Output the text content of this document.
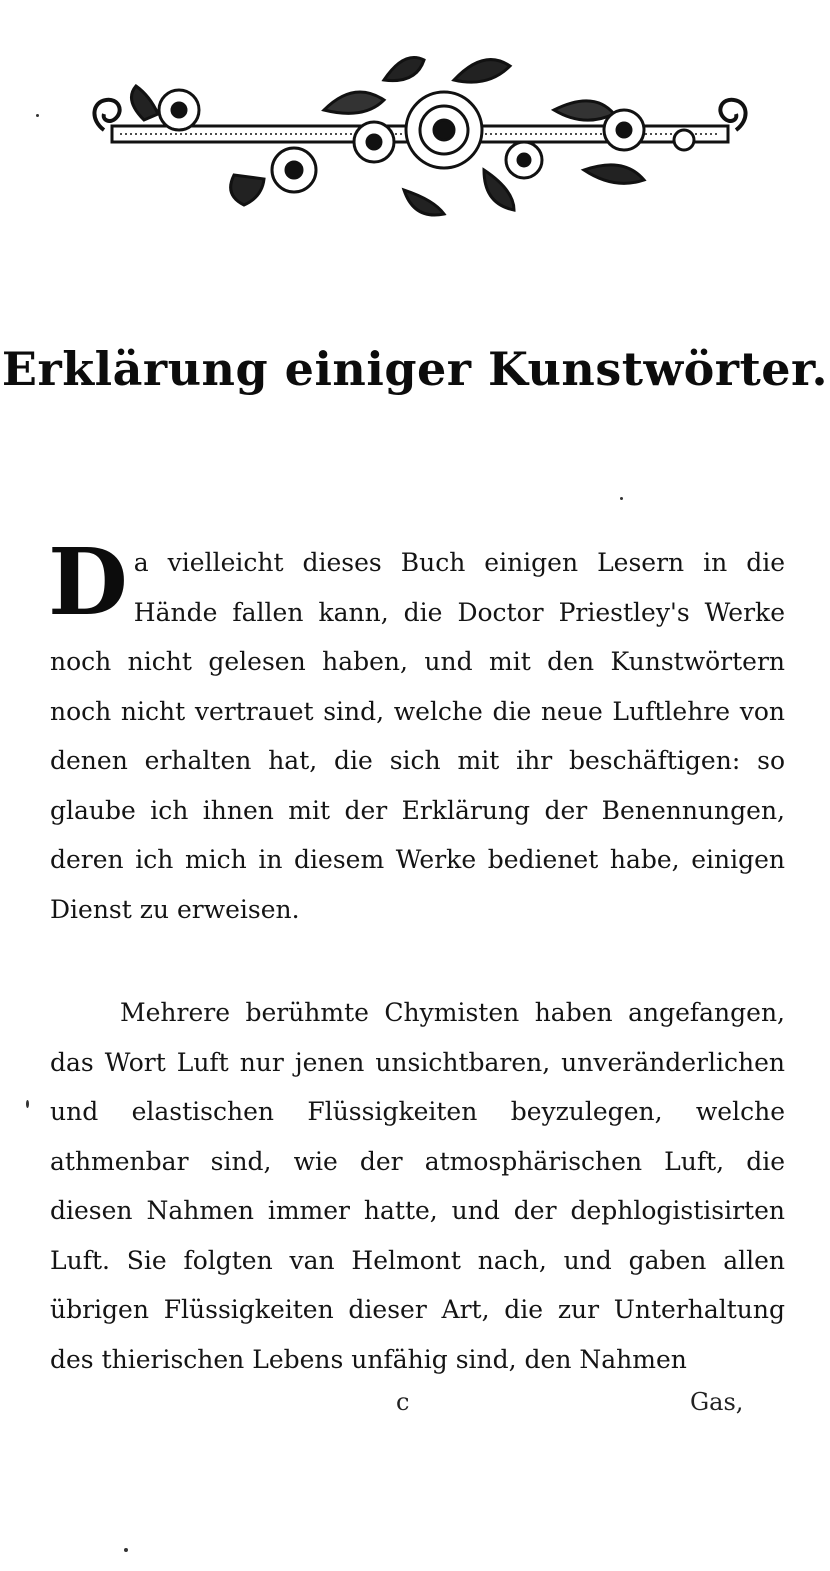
Erklärung einiger Kunstwörter.
D a vielleicht dieses Buch einigen Lesern in die Hände fallen kann, die Doctor Priestley's Werke noch nicht gelesen haben, und mit den Kunstwörtern noch nicht vertrauet sind, welche die neue Luftlehre von denen erhalten hat, die sich mit ihr beschäftigen: so glaube ich ihnen mit der Erklärung der Benennungen, deren ich mich in diesem Werke bedienet habe, einigen Dienst zu erweisen.
Mehrere berühmte Chymisten haben angefangen, das Wort Luft nur jenen unsichtbaren, unveränderlichen und elastischen Flüssigkeiten beyzulegen, welche athmenbar sind, wie der atmosphärischen Luft, die diesen Nahmen immer hatte, und der dephlogistisirten Luft. Sie folgten van Helmont nach, und gaben allen übrigen Flüssigkeiten dieser Art, die zur Unterhaltung des thierischen Lebens unfähig sind, den Nahmen
c	Gas,
